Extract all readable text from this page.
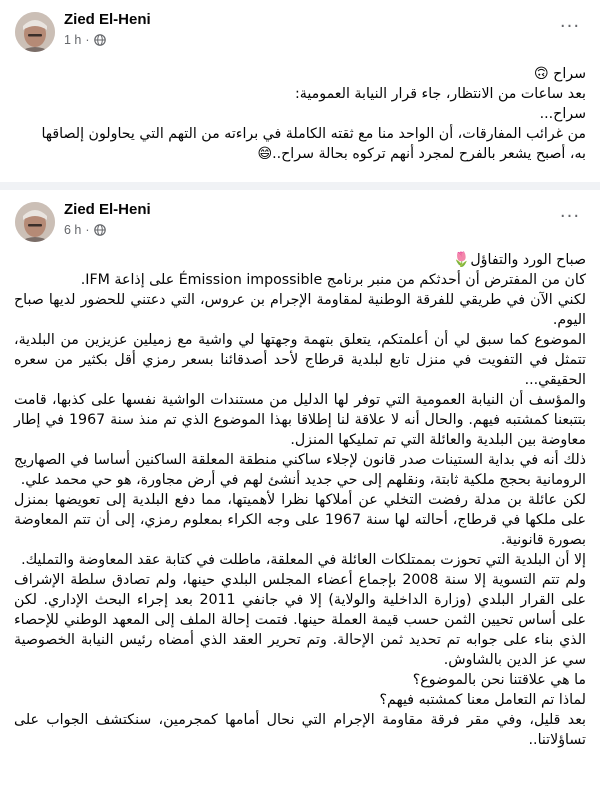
Zied El-Heni
1 h ·
···

سراح 🙃

بعد ساعات من الانتظار، جاء قرار النيابة العمومية:

سراح...

من غرائب المفارقات، أن الواحد منا مع ثقته الكاملة في براءته من التهم التي يحاولون إلصاقها

به، أصبح يشعر بالفرح لمجرد أنهم تركوه بحالة سراح..😄

Zied El-Heni
6 h ·
···

صباح الورد والتفاؤل🌷

كان من المفترض أن أحدثكم من منبر برنامج Émission impossible على إذاعة IFM.

لكني الآن في طريقي للفرقة الوطنية لمقاومة الإجرام بن عروس، التي دعتني للحضور لديها صباح اليوم.

الموضوع كما سبق لي أن أعلمتكم، يتعلق بتهمة وجهتها لي واشية مع زميلين عزيزين من البلدية، تتمثل في التفويت في منزل تابع لبلدية قرطاج لأحد أصدقائنا بسعر رمزي أقل بكثير من سعره الحقيقي...

والمؤسف أن النيابة العمومية التي توفر لها الدليل من مستندات الواشية نفسها على كذبها، قامت بتتبعنا كمشتبه فيهم. والحال أنه لا علاقة لنا إطلاقا بهذا الموضوع الذي تم منذ سنة 1967 في إطار معاوضة بين البلدية والعائلة التي تم تمليكها المنزل.

ذلك أنه في بداية الستينات صدر قانون لإجلاء ساكني منطقة المعلقة الساكنين أساسا في الصهاريج الرومانية بحجج ملكية ثابتة، ونقلهم إلى حي جديد أنشئ لهم في أرض مجاورة، هو حي محمد علي.

لكن عائلة بن مدلة رفضت التخلي عن أملاكها نظرا لأهميتها، مما دفع البلدية إلى تعويضها بمنزل على ملكها في قرطاج، أحالته لها سنة 1967 على وجه الكراء بمعلوم رمزي، إلى أن تتم المعاوضة بصورة قانونية.

إلا أن البلدية التي تحوزت بممتلكات العائلة في المعلقة، ماطلت في كتابة عقد المعاوضة والتمليك.

ولم تتم التسوية إلا سنة 2008 بإجماع أعضاء المجلس البلدي حينها، ولم تصادق سلطة الإشراف على القرار البلدي (وزارة الداخلية والولاية) إلا في جانفي 2011 بعد إجراء البحث الإداري. لكن على أساس تحيين الثمن حسب قيمة العملة حينها. فتمت إحالة الملف إلى المعهد الوطني للإحصاء الذي بناء على جوابه تم تحديد ثمن الإحالة. وتم تحرير العقد الذي أمضاه رئيس النيابة الخصوصية سي عز الدين بالشاوش.

ما هي علاقتنا نحن بالموضوع؟

لماذا تم التعامل معنا كمشتبه فيهم؟

بعد قليل، وفي مقر فرقة مقاومة الإجرام التي نحال أمامها كمجرمين، سنكتشف الجواب على تساؤلاتنا..
